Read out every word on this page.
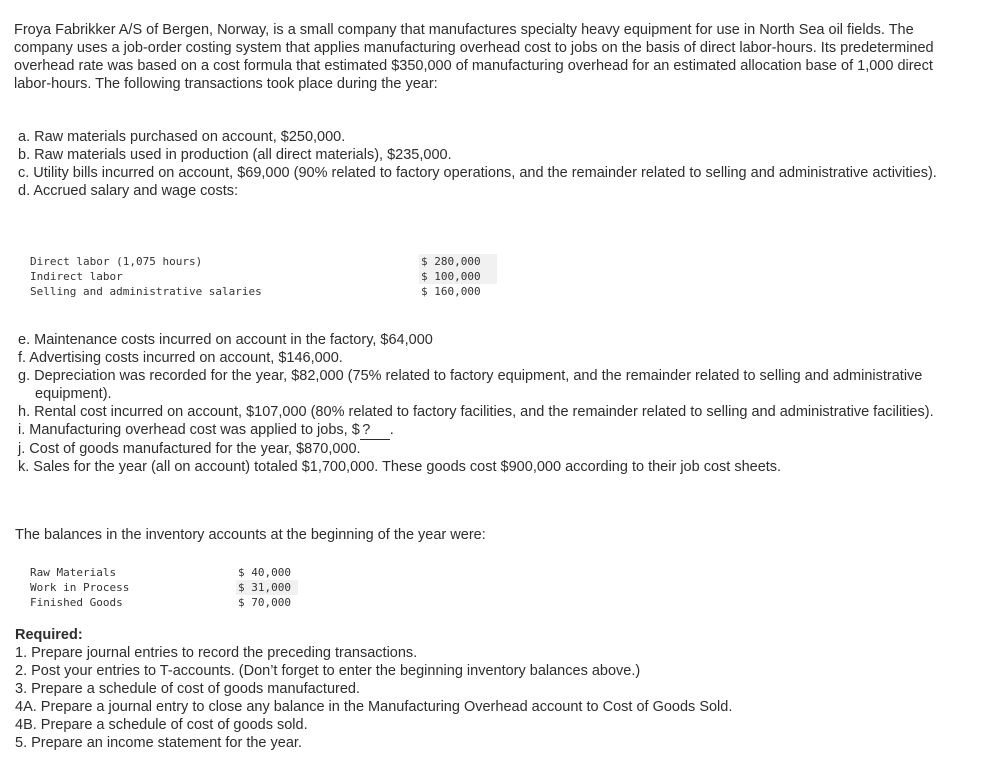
Froya Fabrikker A/S of Bergen, Norway, is a small company that manufactures specialty heavy equipment for use in North Sea oil fields. The company uses a job-order costing system that applies manufacturing overhead cost to jobs on the basis of direct labor-hours. Its predetermined overhead rate was based on a cost formula that estimated $350,000 of manufacturing overhead for an estimated allocation base of 1,000 direct labor-hours. The following transactions took place during the year:

a. Raw materials purchased on account, $250,000.

b. Raw materials used in production (all direct materials), $235,000.

c. Utility bills incurred on account, $69,000 (90% related to factory operations, and the remainder related to selling and administrative activities).

d. Accrued salary and wage costs:

Direct labor (1,075 hours)	$ 280,000
Indirect labor	$ 100,000
Selling and administrative salaries	$ 160,000

e. Maintenance costs incurred on account in the factory, $64,000

f. Advertising costs incurred on account, $146,000.

g. Depreciation was recorded for the year, $82,000 (75% related to factory equipment, and the remainder related to selling and administrative equipment).

h. Rental cost incurred on account, $107,000 (80% related to factory facilities, and the remainder related to selling and administrative facilities).

i. Manufacturing overhead cost was applied to jobs, $ ? .

j. Cost of goods manufactured for the year, $870,000.

k. Sales for the year (all on account) totaled $1,700,000. These goods cost $900,000 according to their job cost sheets.

The balances in the inventory accounts at the beginning of the year were:

Raw Materials	$ 40,000
Work in Process	$ 31,000
Finished Goods	$ 70,000

Required:

1. Prepare journal entries to record the preceding transactions.

2. Post your entries to T-accounts. (Don’t forget to enter the beginning inventory balances above.)

3. Prepare a schedule of cost of goods manufactured.

4A. Prepare a journal entry to close any balance in the Manufacturing Overhead account to Cost of Goods Sold.

4B. Prepare a schedule of cost of goods sold.

5. Prepare an income statement for the year.
